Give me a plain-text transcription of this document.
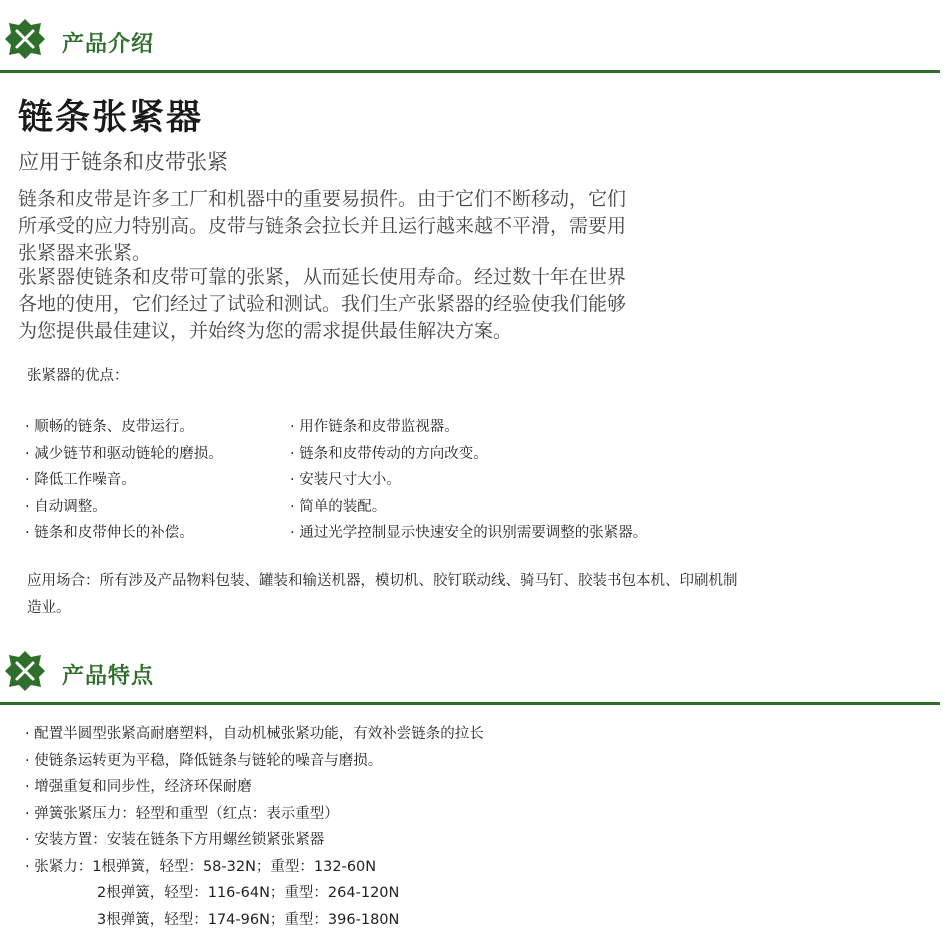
产品介绍
链条张紧器
应用于链条和皮带张紧

链条和皮带是许多工厂和机器中的重要易损件。由于它们不断移动，它们
所承受的应力特别高。皮带与链条会拉长并且运行越来越不平滑，需要用
张紧器来张紧。

张紧器使链条和皮带可靠的张紧，从而延长使用寿命。经过数十年在世界
各地的使用，它们经过了试验和测试。我们生产张紧器的经验使我们能够
为您提供最佳建议，并始终为您的需求提供最佳解决方案。

张紧器的优点：
· 顺畅的链条、皮带运行。
· 减少链节和驱动链轮的磨损。
· 降低工作噪音。
· 自动调整。
· 链条和皮带伸长的补偿。
· 用作链条和皮带监视器。
· 链条和皮带传动的方向改变。
· 安装尺寸大小。
· 简单的装配。
· 通过光学控制显示快速安全的识别需要调整的张紧器。

应用场合：所有涉及产品物料包装、罐装和输送机器，模切机、胶钉联动线、骑马钉、胶装书包本机、印刷机制
造业。

产品特点
· 配置半圆型张紧高耐磨塑料，自动机械张紧功能，有效补尝链条的拉长
· 使链条运转更为平稳，降低链条与链轮的噪音与磨损。
· 增强重复和同步性，经济环保耐磨
· 弹簧张紧压力：轻型和重型（红点：表示重型）
· 安装方置：安装在链条下方用螺丝锁紧张紧器
· 张紧力：1根弹簧，轻型：58-32N；重型：132-60N
2根弹簧，轻型：116-64N；重型：264-120N
3根弹簧，轻型：174-96N；重型：396-180N
